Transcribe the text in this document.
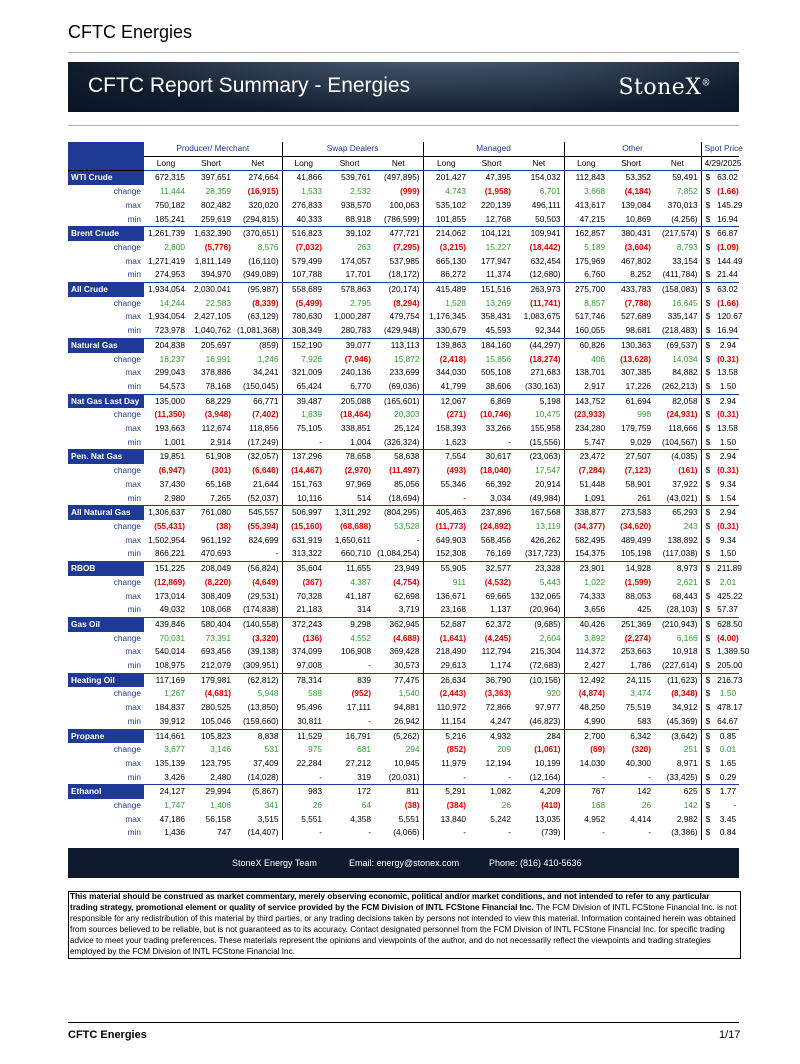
CFTC Energies
CFTC Report Summary - Energies	StoneX®
Futures+Options	Producer/ Merchant			Swap Dealers			Managed			Other			Spot Price	
	Long	Short	Net	Long	Short	Net	Long	Short	Net	Long	Short	Net	4/29/2025	
WTI Crude	672,315	397,651	274,664	41,866	539,761	(497,895)	201,427	47,395	154,032	112,843	53,352	59,491	$	63.02
change	11,444	28,359	(16,915)	1,533	2,532	(999)	4,743	(1,958)	6,701	3,668	(4,184)	7,852	$	(1.66)
max	750,182	802,482	320,020	276,833	938,570	100,063	535,102	220,139	496,111	413,617	139,084	370,013	$	145.29
min	185,241	259,619	(294,815)	40,333	88,918	(786,599)	101,855	12,768	50,503	47,215	10,869	(4,256)	$	16.94
Brent Crude	1,261,739	1,632,390	(370,651)	516,823	39,102	477,721	214,062	104,121	109,941	162,857	380,431	(217,574)	$	66.87
change	2,800	(5,776)	8,576	(7,032)	263	(7,295)	(3,215)	15,227	(18,442)	5,189	(3,604)	8,793	$	(1.09)
max	1,271,419	1,811,149	(16,110)	579,499	174,057	537,985	665,130	177,947	632,454	175,969	467,802	33,154	$	144.49
min	274,953	394,970	(949,089)	107,788	17,701	(18,172)	86,272	11,374	(12,680)	6,760	8,252	(411,784)	$	21.44
All Crude	1,934,054	2,030,041	(95,987)	558,689	578,863	(20,174)	415,489	151,516	263,973	275,700	433,783	(158,083)	$	63.02
change	14,244	22,583	(8,339)	(5,499)	2,795	(8,294)	1,528	13,269	(11,741)	8,857	(7,788)	16,645	$	(1.66)
max	1,934,054	2,427,105	(63,129)	780,630	1,000,287	479,754	1,176,345	358,431	1,083,675	517,746	527,689	335,147	$	120.67
min	723,978	1,040,762	(1,081,368)	308,349	280,783	(429,948)	330,679	45,593	92,344	160,055	98,681	(218,483)	$	16.94
Natural Gas	204,838	205,697	(859)	152,190	39,077	113,113	139,863	184,160	(44,297)	60,826	130,363	(69,537)	$	2.94
change	18,237	16,991	1,246	7,926	(7,946)	15,872	(2,418)	15,856	(18,274)	406	(13,628)	14,034	$	(0.31)
max	299,043	378,886	34,241	321,009	240,136	233,699	344,030	505,108	271,683	138,701	307,385	84,882	$	13.58
min	54,573	78,168	(150,045)	65,424	6,770	(69,036)	41,799	38,606	(330,163)	2,917	17,226	(262,213)	$	1.50
Nat Gas Last Day	135,000	68,229	66,771	39,487	205,088	(165,601)	12,067	6,869	5,198	143,752	61,694	82,058	$	2.94
change	(11,350)	(3,948)	(7,402)	1,839	(18,464)	20,303	(271)	(10,746)	10,475	(23,933)	998	(24,931)	$	(0.31)
max	193,663	112,674	118,856	75,105	338,851	25,124	158,393	33,266	155,958	234,280	179,759	118,666	$	13.58
min	1,001	2,914	(17,249)	-	1,004	(326,324)	1,623	-	(15,556)	5,747	9,029	(104,567)	$	1.50
Pen. Nat Gas	19,851	51,908	(32,057)	137,296	78,658	58,638	7,554	30,617	(23,063)	23,472	27,507	(4,035)	$	2.94
change	(6,947)	(301)	(6,646)	(14,467)	(2,970)	(11,497)	(493)	(18,040)	17,547	(7,284)	(7,123)	(161)	$	(0.31)
max	37,430	65,168	21,644	151,763	97,969	85,056	55,346	66,392	20,914	51,448	58,901	37,922	$	9.34
min	2,980	7,265	(52,037)	10,116	514	(18,694)	-	3,034	(49,984)	1,091	261	(43,021)	$	1.54
All Natural Gas	1,306,637	761,080	545,557	506,997	1,311,292	(804,295)	405,463	237,896	167,568	338,877	273,583	65,293	$	2.94
change	(55,431)	(38)	(55,394)	(15,160)	(68,688)	53,528	(11,773)	(24,892)	13,119	(34,377)	(34,620)	243	$	(0.31)
max	1,502,954	961,192	824,699	631,919	1,650,611	-	649,903	568,456	426,262	582,495	489,499	138,892	$	9.34
min	866,221	470,693	-	313,322	660,710	(1,084,254)	152,308	76,169	(317,723)	154,375	105,198	(117,038)	$	1.50
RBOB	151,225	208,049	(56,824)	35,604	11,655	23,949	55,905	32,577	23,328	23,901	14,928	8,973	$	211.89
change	(12,869)	(8,220)	(4,649)	(367)	4,387	(4,754)	911	(4,532)	5,443	1,022	(1,599)	2,621	$	2.01
max	173,014	308,409	(29,531)	70,328	41,187	62,698	136,671	69,665	132,065	74,333	88,053	68,443	$	425.22
min	49,032	108,068	(174,838)	21,183	314	3,719	23,168	1,137	(20,964)	3,656	425	(28,103)	$	57.37
Gas Oil	439,846	580,404	(140,558)	372,243	9,298	362,945	52,687	62,372	(9,685)	40,426	251,369	(210,943)	$	628.50
change	70,031	73,351	(3,320)	(136)	4,552	(4,688)	(1,641)	(4,245)	2,604	3,892	(2,274)	6,166	$	(4.00)
max	540,014	693,456	(39,138)	374,099	106,908	369,428	218,490	112,794	215,304	114,372	253,663	10,918	$	1,389.50
min	108,975	212,079	(309,951)	97,008	-	30,573	29,613	1,174	(72,683)	2,427	1,786	(227,614)	$	205.00
Heating Oil	117,169	179,981	(62,812)	78,314	839	77,475	26,634	36,790	(10,156)	12,492	24,115	(11,623)	$	216.73
change	1,267	(4,681)	5,948	588	(952)	1,540	(2,443)	(3,363)	920	(4,874)	3,474	(8,348)	$	1.50
max	184,837	280,525	(13,850)	95,496	17,111	94,881	110,972	72,866	97,977	48,250	75,519	34,912	$	478.17
min	39,912	105,046	(159,660)	30,811	-	26,942	11,154	4,247	(46,823)	4,990	583	(45,369)	$	64.67
Propane	114,661	105,823	8,838	11,529	16,791	(5,262)	5,216	4,932	284	2,700	6,342	(3,642)	$	0.85
change	3,677	3,146	531	975	681	294	(852)	209	(1,061)	(69)	(320)	251	$	0.01
max	135,139	123,795	37,409	22,284	27,212	10,945	11,979	12,194	10,199	14,030	40,300	8,971	$	1.65
min	3,426	2,480	(14,028)	-	319	(20,031)	-	-	(12,164)	-	-	(33,425)	$	0.29
Ethanol	24,127	29,994	(5,867)	983	172	811	5,291	1,082	4,209	767	142	625	$	1.77
change	1,747	1,406	341	26	64	(38)	(384)	26	(410)	168	26	142	$	-
max	47,186	56,158	3,515	5,551	4,358	5,551	13,840	5,242	13,035	4,952	4,414	2,982	$	3.45
min	1,436	747	(14,407)	-	-	(4,066)	-	-	(739)	-	-	(3,386)	$	0.84
StoneX Energy Team	Email: energy@stonex.com	Phone: (816) 410-5636
This material should be construed as market commentary, merely observing economic, political and/or market conditions, and not intended to refer to any particular trading strategy, promotional element or quality of service provided by the FCM Division of INTL FCStone Financial Inc. The FCM Division of INTL FCStone Financial Inc. is not responsible for any redistribution of this material by third parties, or any trading decisions taken by persons not intended to view this material. Information contained herein was obtained from sources believed to be reliable, but is not guaranteed as to its accuracy. Contact designated personnel from the FCM Division of INTL FCStone Financial Inc. for specific trading advice to meet your trading preferences. These materials represent the opinions and viewpoints of the author, and do not necessarily reflect the viewpoints and trading strategies employed by the FCM Division of INTL FCStone Financial Inc.
CFTC Energies	1/17
